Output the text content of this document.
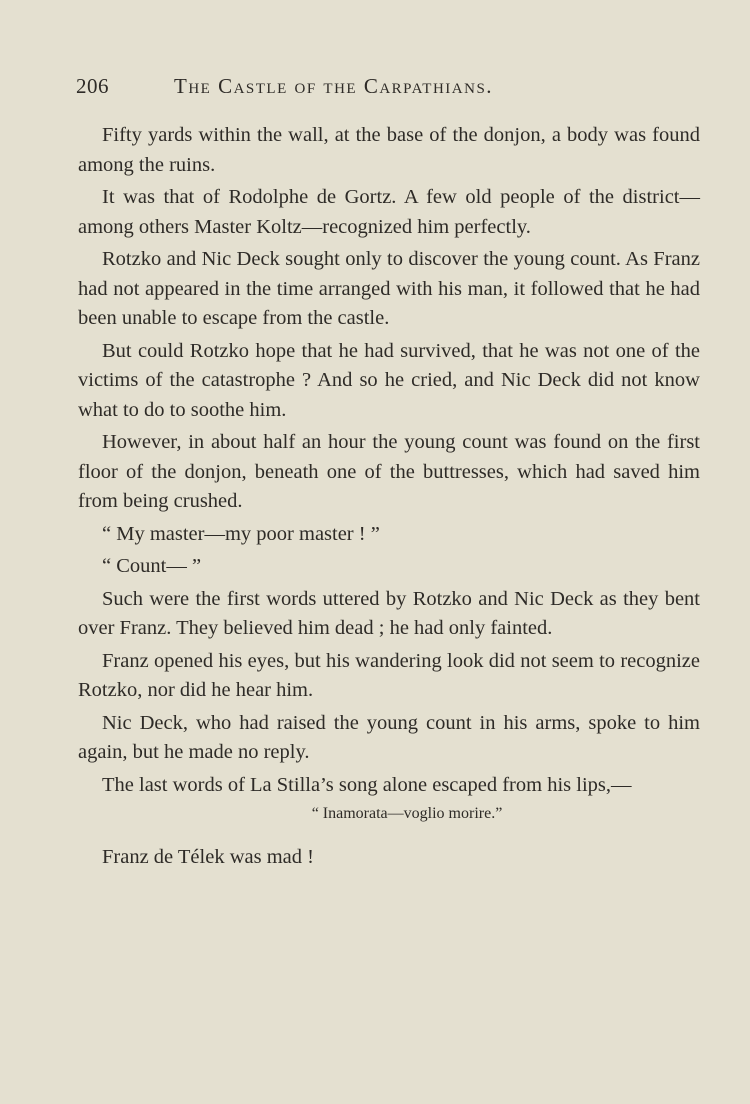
206	The Castle of the Carpathians.

Fifty yards within the wall, at the base of the donjon, a body was found among the ruins.

It was that of Rodolphe de Gortz. A few old people of the district—among others Master Koltz—recognized him perfectly.

Rotzko and Nic Deck sought only to discover the young count. As Franz had not appeared in the time arranged with his man, it followed that he had been unable to escape from the castle.

But could Rotzko hope that he had survived, that he was not one of the victims of the catastrophe ? And so he cried, and Nic Deck did not know what to do to soothe him.

However, in about half an hour the young count was found on the first floor of the donjon, beneath one of the buttresses, which had saved him from being crushed.

“ My master—my poor master ! ”

“ Count— ”

Such were the first words uttered by Rotzko and Nic Deck as they bent over Franz. They believed him dead ; he had only fainted.

Franz opened his eyes, but his wandering look did not seem to recognize Rotzko, nor did he hear him.

Nic Deck, who had raised the young count in his arms, spoke to him again, but he made no reply.

The last words of La Stilla’s song alone escaped from his lips,—

“ Inamorata—voglio morire.”

Franz de Télek was mad !
